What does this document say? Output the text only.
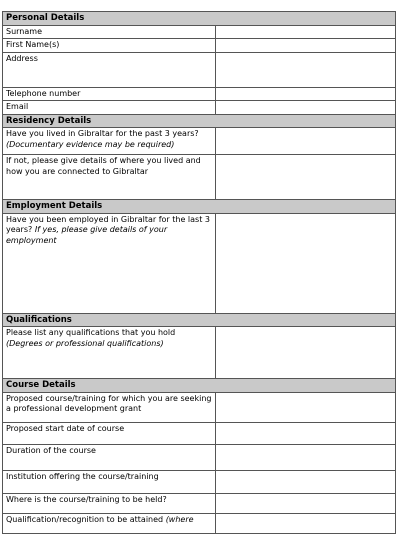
Personal Details	
Surname	
First Name(s)	
Address	
Telephone number	
Email	
Residency Details	
Have you lived in Gibraltar for the past 3 years?
(Documentary evidence may be required)	
If not, please give details of where you lived and how you are connected to Gibraltar	
Employment Details	
Have you been employed in Gibraltar for the last 3 years? If yes, please give details of your employment	
Qualifications	
Please list any qualifications that you hold
(Degrees or professional qualifications)	
Course Details	
Proposed course/training for which you are seeking a professional development grant	
Proposed start date of course	
Duration of the course	
Institution offering the course/training	
Where is the course/training to be held?	
Qualification/recognition to be attained (where	
